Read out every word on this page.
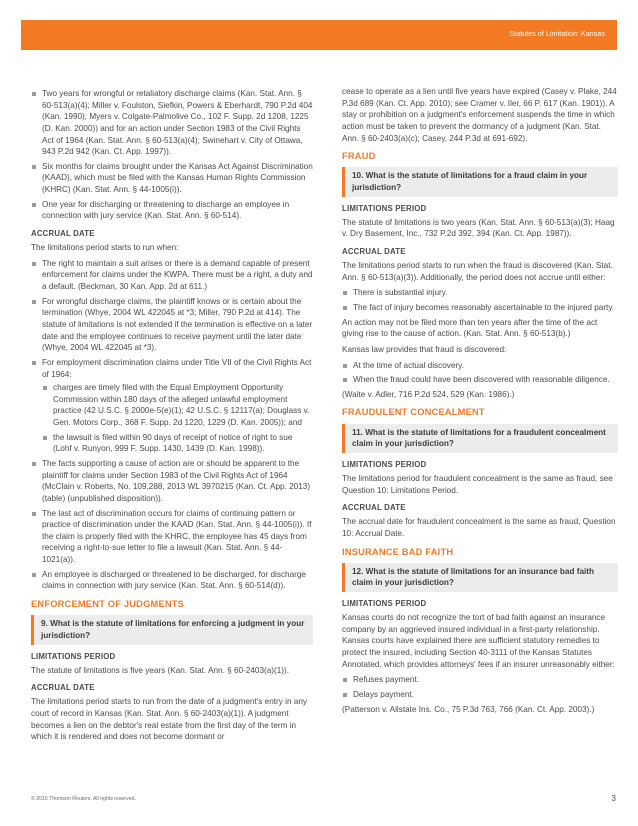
Statutes of Limitation: Kansas
Two years for wrongful or retaliatory discharge claims (Kan. Stat. Ann. § 60-513(a)(4); Miller v. Foulston, Siefkin, Powers & Eberhardt, 790 P.2d 404 (Kan. 1990); Myers v. Colgate-Palmolive Co., 102 F. Supp. 2d 1208, 1225 (D. Kan. 2000)) and for an action under Section 1983 of the Civil Rights Act of 1964 (Kan. Stat. Ann. § 60-513(a)(4); Swinehart v. City of Ottawa, 943 P.2d 942 (Kan. Ct. App. 1997)).
Six months for claims brought under the Kansas Act Against Discrimination (KAAD), which must be filed with the Kansas Human Rights Commission (KHRC) (Kan. Stat. Ann. § 44-1005(i)).
One year for discharging or threatening to discharge an employee in connection with jury service (Kan. Stat. Ann. § 60-514).
ACCRUAL DATE

The limitations period starts to run when:

The right to maintain a suit arises or there is a demand capable of present enforcement for claims under the KWPA. There must be a right, a duty and a default. (Beckman, 30 Kan. App. 2d at 611.)
For wrongful discharge claims, the plaintiff knows or is certain about the termination (Whye, 2004 WL 422045 at *3; Miller, 790 P.2d at 414). The statute of limitations is not extended if the termination is effective on a later date and the employee continues to receive payment until the later date (Whye, 2004 WL 422045 at *3).
For employment discrimination claims under Title VII of the Civil Rights Act of 1964:
charges are timely filed with the Equal Employment Opportunity Commission within 180 days of the alleged unlawful employment practice (42 U.S.C. § 2000e-5(e)(1); 42 U.S.C. § 12117(a); Douglass v. Gen. Motors Corp., 368 F. Supp. 2d 1220, 1229 (D. Kan. 2005)); and
the lawsuit is filed within 90 days of receipt of notice of right to sue (Lohf v. Runyon, 999 F. Supp. 1430, 1439 (D. Kan. 1998)).
The facts supporting a cause of action are or should be apparent to the plaintiff for claims under Section 1983 of the Civil Rights Act of 1964 (McClain v. Roberts, No. 109,288, 2013 WL 3970215 (Kan. Ct. App. 2013) (table) (unpublished disposition)).
The last act of discrimination occurs for claims of continuing pattern or practice of discrimination under the KAAD (Kan. Stat. Ann. § 44-1005(i)). If the claim is properly filed with the KHRC, the employee has 45 days from receiving a right-to-sue letter to file a lawsuit (Kan. Stat. Ann. § 44-1021(a)).
An employee is discharged or threatened to be discharged, for discharge claims in connection with jury service (Kan. Stat. Ann. § 60-514(d)).
ENFORCEMENT OF JUDGMENTS
9. What is the statute of limitations for enforcing a judgment in your jurisdiction?
LIMITATIONS PERIOD

The statute of limitations is five years (Kan. Stat. Ann. § 60-2403(a)(1)).

ACCRUAL DATE

The limitations period starts to run from the date of a judgment's entry in any court of record in Kansas (Kan. Stat. Ann. § 60-2403(a)(1)). A judgment becomes a lien on the debtor's real estate from the first day of the term in which it is rendered and does not become dormant or

cease to operate as a lien until five years have expired (Casey v. Plake, 244 P.3d 689 (Kan. Ct. App. 2010); see Cramer v. Iler, 66 P. 617 (Kan. 1901)). A stay or prohibition on a judgment's enforcement suspends the time in which action must be taken to prevent the dormancy of a judgment (Kan. Stat. Ann. § 60-2403(a)(c); Casey, 244 P.3d at 691-692).

FRAUD
10. What is the statute of limitations for a fraud claim in your jurisdiction?
LIMITATIONS PERIOD

The statute of limitations is two years (Kan. Stat. Ann. § 60-513(a)(3); Haag v. Dry Basement, Inc., 732 P.2d 392, 394 (Kan. Ct. App. 1987)).

ACCRUAL DATE

The limitations period starts to run when the fraud is discovered (Kan. Stat. Ann. § 60-513(a)(3)). Additionally, the period does not accrue until either:

There is substantial injury.
The fact of injury becomes reasonably ascertainable to the injured party.

An action may not be filed more than ten years after the time of the act giving rise to the cause of action. (Kan. Stat. Ann. § 60-513(b).)

Kansas law provides that fraud is discovered:

At the time of actual discovery.
When the fraud could have been discovered with reasonable diligence.

(Waite v. Adler, 716 P.2d 524, 529 (Kan. 1986).)

FRAUDULENT CONCEALMENT
11. What is the statute of limitations for a fraudulent concealment claim in your jurisdiction?
LIMITATIONS PERIOD

The limitations period for fraudulent concealment is the same as fraud, see Question 10: Limitations Period.

ACCRUAL DATE

The accrual date for fraudulent concealment is the same as fraud, Question 10: Accrual Date.

INSURANCE BAD FAITH
12. What is the statute of limitations for an insurance bad faith claim in your jurisdiction?
LIMITATIONS PERIOD

Kansas courts do not recognize the tort of bad faith against an insurance company by an aggrieved insured individual in a first-party relationship. Kansas courts have explained there are sufficient statutory remedies to protect the insured, including Section 40-3111 of the Kansas Statutes Annotated, which provides attorneys' fees if an insurer unreasonably either:

Refuses payment.
Delays payment.

(Patterson v. Allstate Ins. Co., 75 P.3d 763, 766 (Kan. Ct. App. 2003).)

© 2015 Thomson Reuters. All rights reserved.	3
